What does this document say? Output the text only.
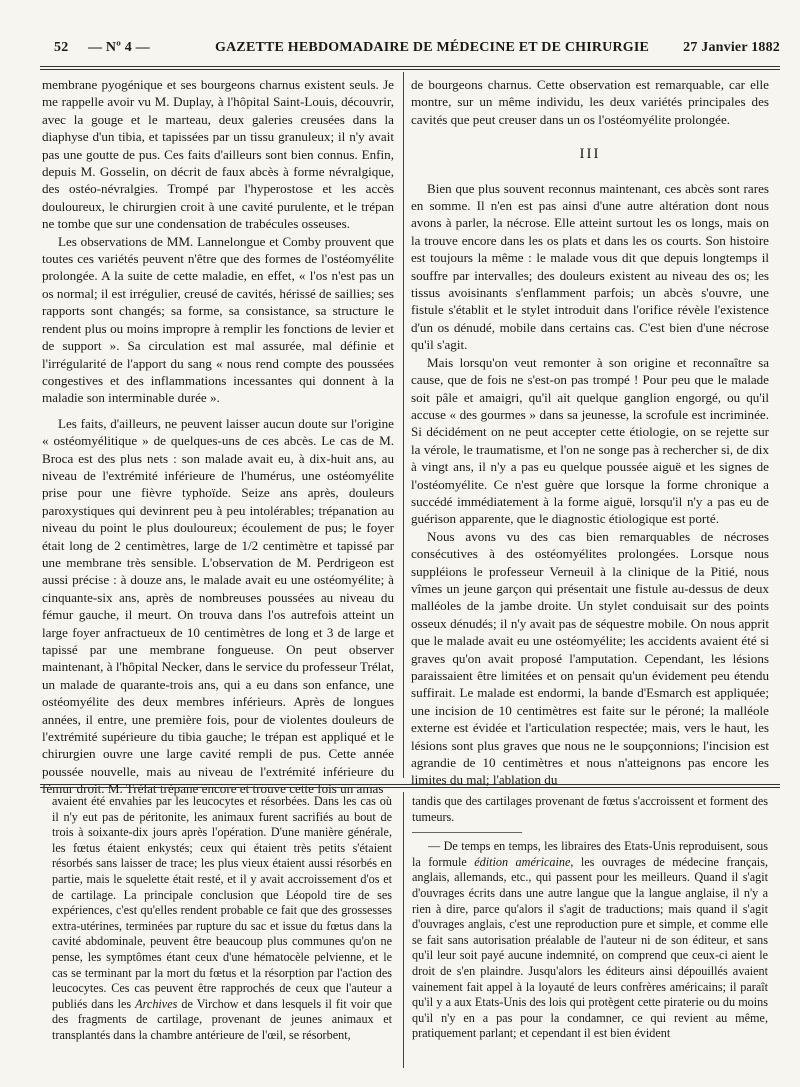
52 — Nº 4 —	GAZETTE HEBDOMADAIRE DE MÉDECINE ET DE CHIRURGIE 27 Janvier 1882

membrane pyogénique et ses bourgeons charnus existent seuls. Je me rappelle avoir vu M. Duplay, à l'hôpital Saint-Louis, découvrir, avec la gouge et le marteau, deux galeries creusées dans la diaphyse d'un tibia, et tapissées par un tissu granuleux; il n'y avait pas une goutte de pus. Ces faits d'ailleurs sont bien connus. Enfin, depuis M. Gosselin, on décrit de faux abcès à forme névralgique, des ostéo-névralgies. Trompé par l'hyperostose et les accès douloureux, le chirurgien croit à une cavité purulente, et le trépan ne tombe que sur une condensation de trabécules osseuses.

Les observations de MM. Lannelongue et Comby prouvent que toutes ces variétés peuvent n'être que des formes de l'ostéomyélite prolongée. A la suite de cette maladie, en effet, « l'os n'est pas un os normal; il est irrégulier, creusé de cavités, hérissé de saillies; ses rapports sont changés; sa forme, sa consistance, sa structure le rendent plus ou moins impropre à remplir les fonctions de levier et de support ». Sa circulation est mal assurée, mal définie et l'irrégularité de l'apport du sang « nous rend compte des poussées congestives et des inflammations incessantes qui donnent à la maladie son interminable durée ».

Les faits, d'ailleurs, ne peuvent laisser aucun doute sur l'origine « ostéomyélitique » de quelques-uns de ces abcès. Le cas de M. Broca est des plus nets : son malade avait eu, à dix-huit ans, au niveau de l'extrémité inférieure de l'humérus, une ostéomyélite prise pour une fièvre typhoïde. Seize ans après, douleurs paroxystiques qui devinrent peu à peu intolérables; trépanation au niveau du point le plus douloureux; écoulement de pus; le foyer était long de 2 centimètres, large de 1/2 centimètre et tapissé par une membrane très sensible. L'observation de M. Perdrigeon est aussi précise : à douze ans, le malade avait eu une ostéomyélite; à cinquante-six ans, après de nombreuses poussées au niveau du fémur gauche, il meurt. On trouva dans l'os autrefois atteint un large foyer anfractueux de 10 centimètres de long et 3 de large et tapissé par une membrane fongueuse. On peut observer maintenant, à l'hôpital Necker, dans le service du professeur Trélat, un malade de quarante-trois ans, qui a eu dans son enfance, une ostéomyélite des deux membres inférieurs. Après de longues années, il entre, une première fois, pour de violentes douleurs de l'extrémité supérieure du tibia gauche; le trépan est appliqué et le chirurgien ouvre une large cavité rempli de pus. Cette année poussée nouvelle, mais au niveau de l'extrémité inférieure du fémur droit. M. Trélat trépane encore et trouve cette fois un amas

de bourgeons charnus. Cette observation est remarquable, car elle montre, sur un même individu, les deux variétés principales des cavités que peut creuser dans un os l'ostéomyélite prolongée.

III

Bien que plus souvent reconnus maintenant, ces abcès sont rares en somme. Il n'en est pas ainsi d'une autre altération dont nous avons à parler, la nécrose. Elle atteint surtout les os longs, mais on la trouve encore dans les os plats et dans les os courts. Son histoire est toujours la même : le malade vous dit que depuis longtemps il souffre par intervalles; des douleurs existent au niveau des os; les tissus avoisinants s'enflamment parfois; un abcès s'ouvre, une fistule s'établit et le stylet introduit dans l'orifice révèle l'existence d'un os dénudé, mobile dans certains cas. C'est bien d'une nécrose qu'il s'agit.

Mais lorsqu'on veut remonter à son origine et reconnaître sa cause, que de fois ne s'est-on pas trompé ! Pour peu que le malade soit pâle et amaigri, qu'il ait quelque ganglion engorgé, ou qu'il accuse « des gourmes » dans sa jeunesse, la scrofule est incriminée. Si décidément on ne peut accepter cette étiologie, on se rejette sur la vérole, le traumatisme, et l'on ne songe pas à rechercher si, de dix à vingt ans, il n'y a pas eu quelque poussée aiguë et les signes de l'ostéomyélite. Ce n'est guère que lorsque la forme chronique a succédé immédiatement à la forme aiguë, lorsqu'il n'y a pas eu de guérison apparente, que le diagnostic étiologique est porté.

Nous avons vu des cas bien remarquables de nécroses consécutives à des ostéomyélites prolongées. Lorsque nous suppléions le professeur Verneuil à la clinique de la Pitié, nous vîmes un jeune garçon qui présentait une fistule au-dessus de deux malléoles de la jambe droite. Un stylet conduisait sur des points osseux dénudés; il n'y avait pas de séquestre mobile. On nous apprit que le malade avait eu une ostéomyélite; les accidents avaient été si graves qu'on avait proposé l'amputation. Cependant, les lésions paraissaient être limitées et on pensait qu'un évidement peu étendu suffirait. Le malade est endormi, la bande d'Esmarch est appliquée; une incision de 10 centimètres est faite sur le péroné; la malléole externe est évidée et l'articulation respectée; mais, vers le haut, les lésions sont plus graves que nous ne le soupçonnions; l'incision est agrandie de 10 centimètres et nous n'atteignons pas encore les limites du mal; l'ablation du

avaient été envahies par les leucocytes et résorbées. Dans les cas où il n'y eut pas de péritonite, les animaux furent sacrifiés au bout de trois à soixante-dix jours après l'opération. D'une manière générale, les fœtus étaient enkystés; ceux qui étaient très petits s'étaient résorbés sans laisser de trace; les plus vieux étaient aussi résorbés en partie, mais le squelette était resté, et il y avait accroissement d'os et de cartilage. La principale conclusion que Léopold tire de ses expériences, c'est qu'elles rendent probable ce fait que des grossesses extra-utérines, terminées par rupture du sac et issue du fœtus dans la cavité abdominale, peuvent être beaucoup plus communes qu'on ne pense, les symptômes étant ceux d'une hématocèle pelvienne, et le cas se terminant par la mort du fœtus et la résorption par l'action des leucocytes. Ces cas peuvent être rapprochés de ceux que l'auteur a publiés dans les Archives de Virchow et dans lesquels il fit voir que des fragments de cartilage, provenant de jeunes animaux et transplantés dans la chambre antérieure de l'œil, se résorbent,

tandis que des cartilages provenant de fœtus s'accroissent et forment des tumeurs.

— De temps en temps, les libraires des Etats-Unis reproduisent, sous la formule édition américaine, les ouvrages de médecine français, anglais, allemands, etc., qui passent pour les meilleurs. Quand il s'agit d'ouvrages écrits dans une autre langue que la langue anglaise, il n'y a rien à dire, parce qu'alors il s'agit de traductions; mais quand il s'agit d'ouvrages anglais, c'est une reproduction pure et simple, et comme elle se fait sans autorisation préalable de l'auteur ni de son éditeur, et sans qu'il leur soit payé aucune indemnité, on comprend que ceux-ci aient le droit de s'en plaindre. Jusqu'alors les éditeurs ainsi dépouillés avaient vainement fait appel à la loyauté de leurs confrères américains; il paraît qu'il y a aux Etats-Unis des lois qui protègent cette piraterie ou du moins qu'il n'y en a pas pour la condamner, ce qui revient au même, pratiquement parlant; et cependant il est bien évident
